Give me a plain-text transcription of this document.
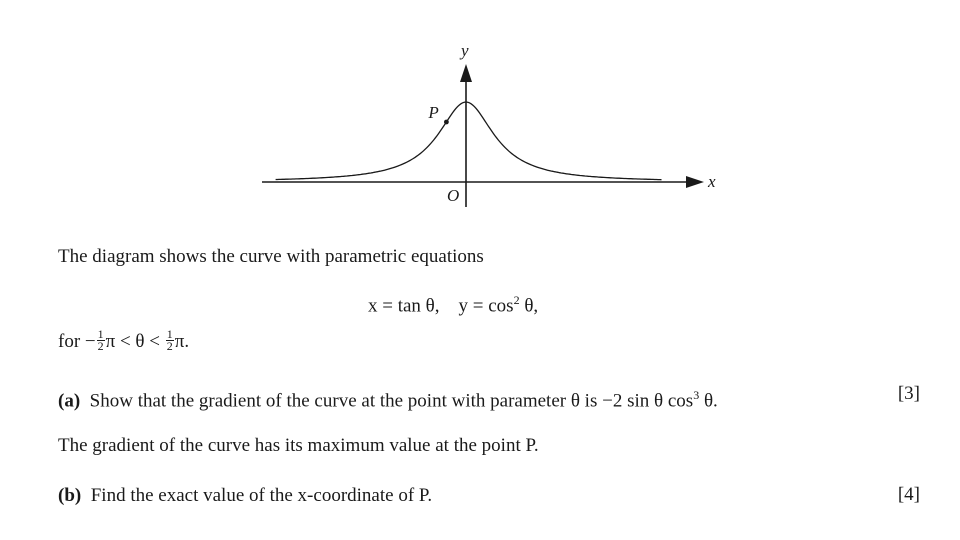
y
x
O
P
The diagram shows the curve with parametric equations
x = tan θ, $y = \cos^2 \theta$,
for − $\frac{1}{2}$ $\pi < \theta < \frac{1}{2} \pi$.
(a) Show that the gradient of the curve at the point with parameter θ is −2 sin θ $\cos^3 \theta$.	[3]
The gradient of the curve has its maximum value at the point P.
(b) Find the exact value of the x-coordinate of P.	[4]
